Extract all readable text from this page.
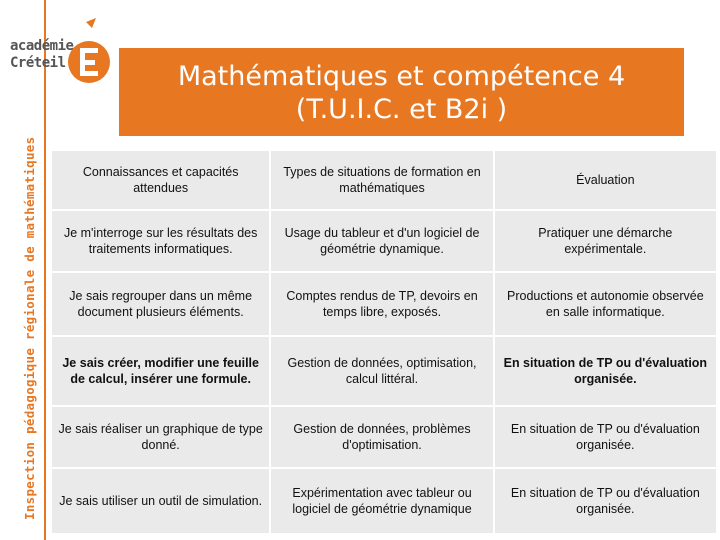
Inspection pédagogique régionale de mathématiques
académie
Créteil	Mathématiques et compétence 4
(T.U.I.C. et B2i )
Connaissances et capacités attendues	Types de situations de formation en mathématiques	Évaluation
Je m'interroge sur les résultats des traitements informatiques.	Usage du tableur et d'un logiciel de géométrie dynamique.	Pratiquer une démarche expérimentale.
Je sais regrouper dans un même document plusieurs éléments.	Comptes rendus de TP, devoirs en temps libre, exposés.	Productions et autonomie observée en salle informatique.
Je sais créer, modifier une feuille de calcul, insérer une formule.	Gestion de données, optimisation, calcul littéral.	En situation de TP ou d'évaluation organisée.
Je sais réaliser un graphique de type donné.	Gestion de données, problèmes d'optimisation.	En situation de TP ou d'évaluation organisée.
Je sais utiliser un outil de simulation.	Expérimentation avec tableur ou logiciel de géométrie dynamique	En situation de TP ou d'évaluation organisée.
